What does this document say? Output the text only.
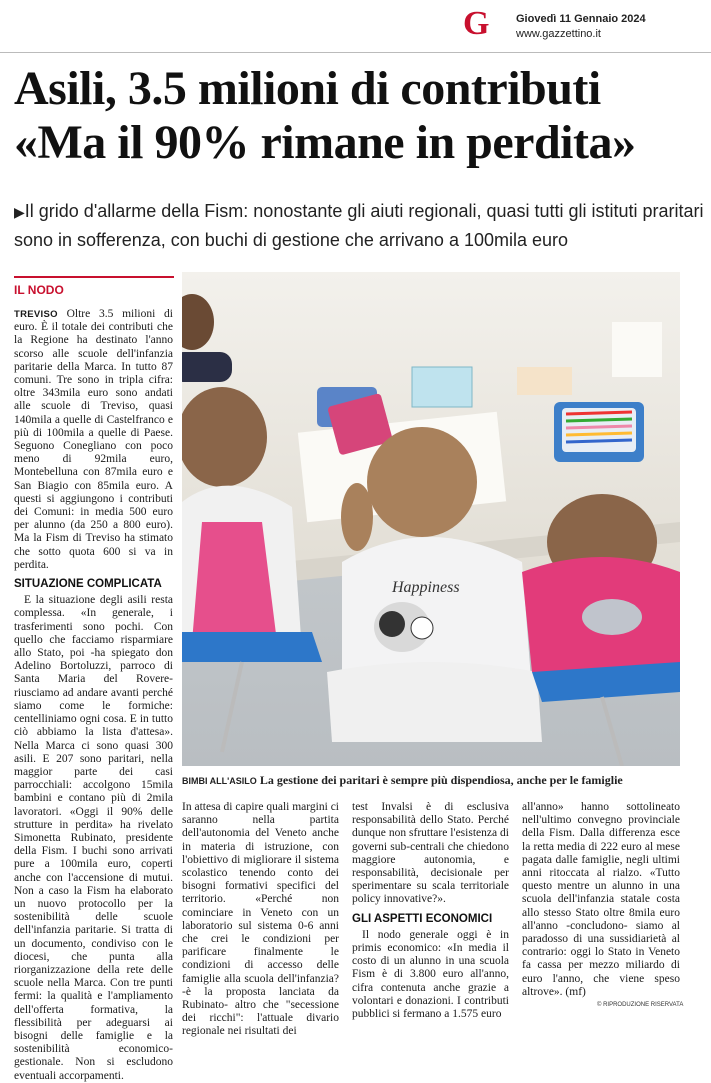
G Giovedì 11 Gennaio 2024
www.gazzettino.it
Asili, 3.5 milioni di contributi
«Ma il 90% rimane in perdita»
▶Il grido d'allarme della Fism: nonostante gli aiuti regionali, quasi tutti gli istituti praritari sono in sofferenza, con buchi di gestione che arrivano a 100mila euro
IL NODO

TREVISO Oltre 3.5 milioni di euro. È il totale dei contributi che la Regione ha destinato l'anno scorso alle scuole dell'infanzia paritarie della Marca. In tutto 87 comuni. Tre sono in tripla cifra: oltre 343mila euro sono andati alle scuole di Treviso, quasi 140mila a quelle di Castelfranco e più di 100mila a quelle di Paese. Seguono Conegliano con poco meno di 92mila euro, Montebelluna con 87mila euro e San Biagio con 85mila euro. A questi si aggiungono i contributi dei Comuni: in media 500 euro per alunno (da 250 a 800 euro). Ma la Fism di Treviso ha stimato che sotto quota 600 si va in perdita.

SITUAZIONE COMPLICATA

E la situazione degli asili resta complessa. «In generale, i trasferimenti sono pochi. Con quello che facciamo risparmiare allo Stato, poi -ha spiegato don Adelino Bortoluzzi, parroco di Santa Maria del Rovere- riusciamo ad andare avanti perché siamo come le formiche: centelliniamo ogni cosa. E in tutto ciò abbiamo la lista d'attesa». Nella Marca ci sono quasi 300 asili. E 207 sono paritari, nella maggior parte dei casi parrocchiali: accolgono 15mila bambini e contano più di 2mila lavoratori. «Oggi il 90% delle strutture in perdita» ha rivelato Simonetta Rubinato, presidente della Fism. I buchi sono arrivati pure a 100mila euro, coperti anche con l'accensione di mutui. Non a caso la Fism ha elaborato un nuovo protocollo per la sostenibilità delle scuole dell'infanzia paritarie. Si tratta di un documento, condiviso con le diocesi, che punta alla riorganizzazione della rete delle scuole nella Marca. Con tre punti fermi: la qualità e l'ampliamento dell'offerta formativa, la flessibilità per adeguarsi ai bisogni delle famiglie e la sostenibilità economico-gestionale. Non si escludono eventuali accorpamenti.

Happiness
BIMBI ALL'ASILO La gestione dei paritari è sempre più dispendiosa, anche per le famiglie

In attesa di capire quali margini ci saranno nella partita dell'autonomia del Veneto anche in materia di istruzione, con l'obiettivo di migliorare il sistema scolastico tenendo conto dei bisogni formativi specifici del territorio. «Perché non cominciare in Veneto con un laboratorio sul sistema 0-6 anni che crei le condizioni per parificare finalmente le condizioni di accesso delle famiglie alla scuola dell'infanzia? -è la proposta lanciata da Rubinato- altro che "secessione dei ricchi": l'attuale divario regionale nei risultati dei

test Invalsi è di esclusiva responsabilità dello Stato. Perché dunque non sfruttare l'esistenza di governi sub-centrali che chiedono maggiore autonomia, e responsabilità, decisionale per sperimentare su scala territoriale policy innovative?».

GLI ASPETTI ECONOMICI

Il nodo generale oggi è in primis economico: «In media il costo di un alunno in una scuola Fism è di 3.800 euro all'anno, cifra contenuta anche grazie a volontari e donazioni. I contributi pubblici si fermano a 1.575 euro

all'anno» hanno sottolineato nell'ultimo convegno provinciale della Fism. Dalla differenza esce la retta media di 222 euro al mese pagata dalle famiglie, negli ultimi anni ritoccata al rialzo. «Tutto questo mentre un alunno in una scuola dell'infanzia statale costa allo stesso Stato oltre 8mila euro all'anno -concludono- siamo al paradosso di una sussidiarietà al contrario: oggi lo Stato in Veneto fa cassa per mezzo miliardo di euro l'anno, che viene speso altrove». (mf)

© RIPRODUZIONE RISERVATA
